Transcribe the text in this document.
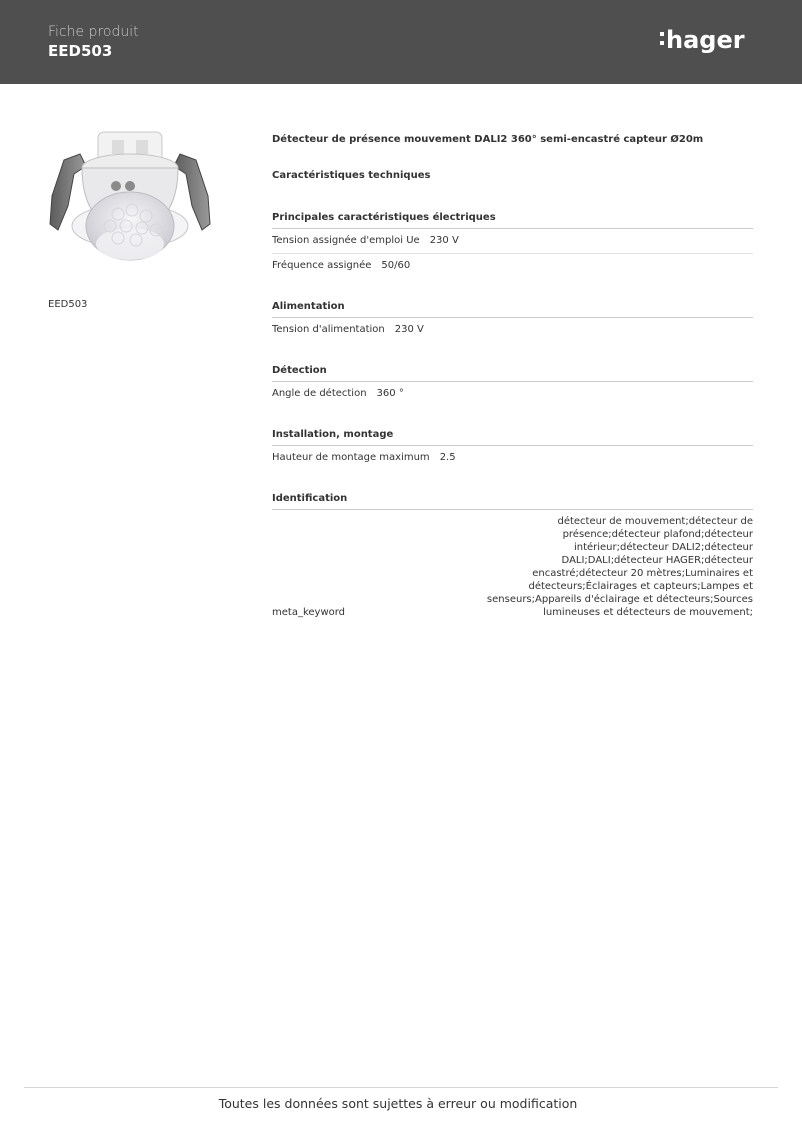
Fiche produit
EED503	hager
EED503
Détecteur de présence mouvement DALI2 360° semi-encastré capteur Ø20m
Caractéristiques techniques
Principales caractéristiques électriques
Tension assignée d'emploi Ue 230 V
Fréquence assignée 50/60
Alimentation
Tension d'alimentation 230 V
Détection
Angle de détection 360 °
Installation, montage
Hauteur de montage maximum 2.5
Identification
meta_keyword
détecteur de mouvement;détecteur de présence;détecteur plafond;détecteur intérieur;détecteur DALI2;détecteur DALI;DALI;détecteur HAGER;détecteur encastré;détecteur 20 mètres;Luminaires et détecteurs;Éclairages et capteurs;Lampes et senseurs;Appareils d'éclairage et détecteurs;Sources lumineuses et détecteurs de mouvement;
Toutes les données sont sujettes à erreur ou modification
